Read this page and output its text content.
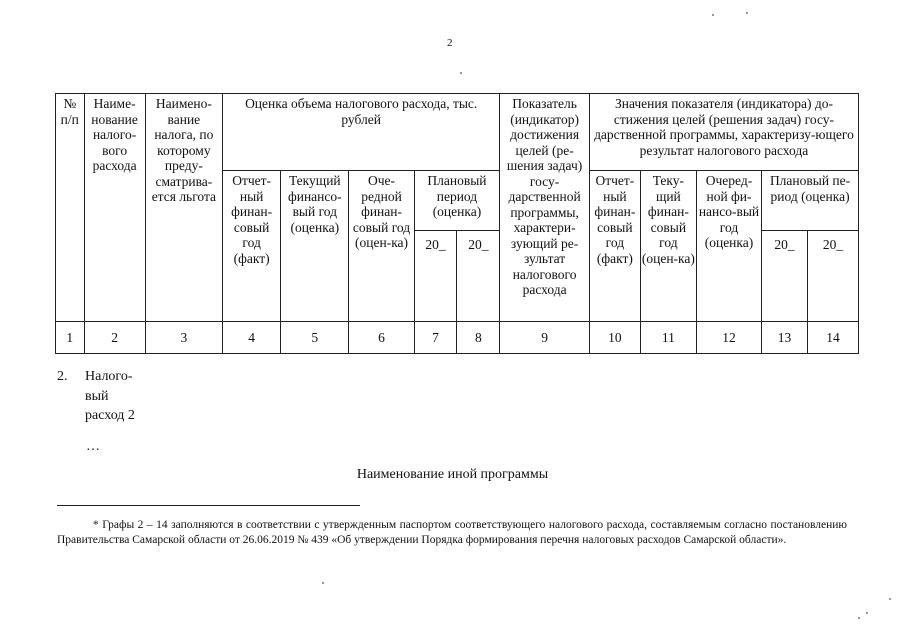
2
№ п/п	Наиме-нование налого-вого расхода	Наимено-вание налога, по которому преду-сматрива-ется льгота	Оценка объема налогового расхода, тыс. рублей					Показатель (индикатор) достижения целей (ре-шения задач) госу-дарственной программы, характери-зующий ре-зультат налогового расхода	Значения показателя (индикатора) до-стижения целей (решения задач) госу-дарственной программы, характеризу-ющего результат налогового расхода				
			Отчет-ный финан-совый год (факт)	Текущий финансо-вый год (оценка)	Оче-редной финан-совый год (оцен-ка)	Плановый период (оценка)			Отчет-ный финан-совый год (факт)	Теку-щий финан-совый год (оцен-ка)	Очеред-ной фи-нансо-вый год (оценка)	Плановый пе-риод (оценка)	
						20_	20_					20_	20_
1	2	3	4	5	6	7	8	9	10	11	12	13	14
2. Налого-вый расход 2
…
Наименование иной программы
* Графы 2 – 14 заполняются в соответствии с утвержденным паспортом соответствующего налогового расхода, составляемым согласно постановлению Правительства Самарской области от 26.06.2019 № 439 «Об утверждении Порядка формирования перечня налоговых расходов Самарской области».
